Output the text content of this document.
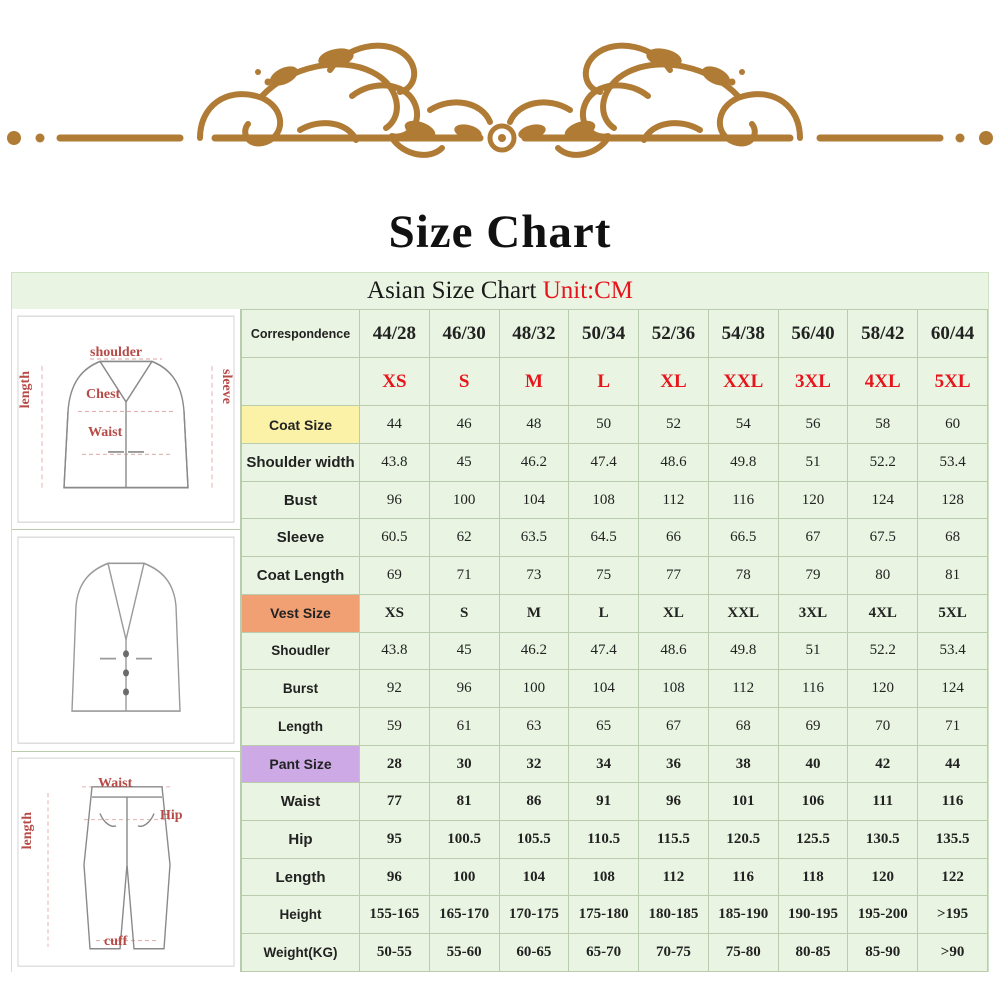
Size Chart
Asian Size Chart Unit:CM
shoulder
length	sleeve
Chest
Waist
Waist
length	Hip
cuff
Correspondence	44/28	46/30	48/32	50/34	52/36	54/38	56/40	58/42	60/44
	XS	S	M	L	XL	XXL	3XL	4XL	5XL
Coat Size	44	46	48	50	52	54	56	58	60
Shoulder width	43.8	45	46.2	47.4	48.6	49.8	51	52.2	53.4
Bust	96	100	104	108	112	116	120	124	128
Sleeve	60.5	62	63.5	64.5	66	66.5	67	67.5	68
Coat Length	69	71	73	75	77	78	79	80	81
Vest Size	XS	S	M	L	XL	XXL	3XL	4XL	5XL
Shoudler	43.8	45	46.2	47.4	48.6	49.8	51	52.2	53.4
Burst	92	96	100	104	108	112	116	120	124
Length	59	61	63	65	67	68	69	70	71
Pant Size	28	30	32	34	36	38	40	42	44
Waist	77	81	86	91	96	101	106	111	116
Hip	95	100.5	105.5	110.5	115.5	120.5	125.5	130.5	135.5
Length	96	100	104	108	112	116	118	120	122
Height	155-165	165-170	170-175	175-180	180-185	185-190	190-195	195-200	>195
Weight(KG)	50-55	55-60	60-65	65-70	70-75	75-80	80-85	85-90	>90
